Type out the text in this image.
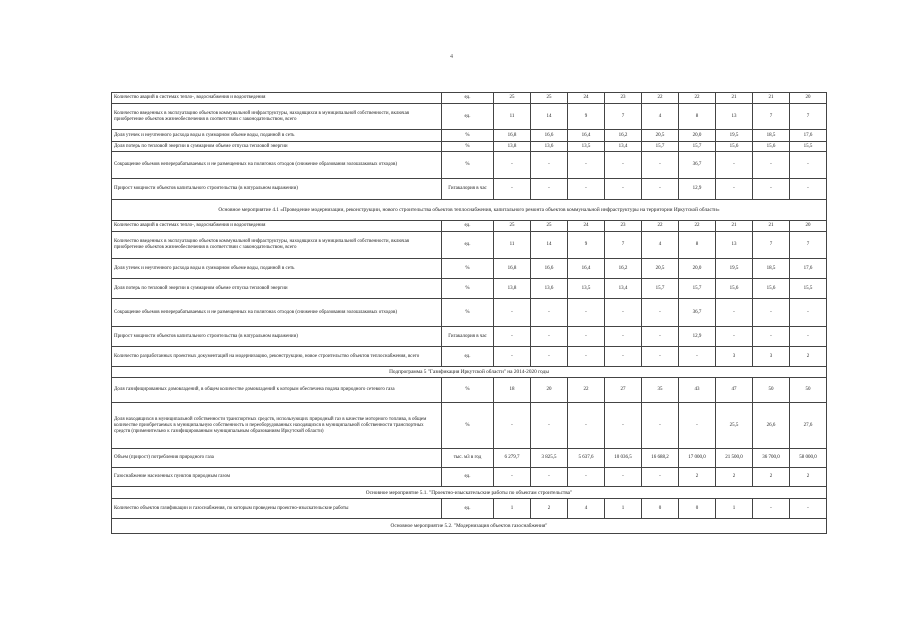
4
Количество аварий в системах тепло-, водоснабжения и водоотведения	ед.	25	25	24	23	22	22	21	21	20
Количество введенных в эксплуатацию объектов коммунальной инфраструктуры, находящихся в муниципальной собственности, включая приобретение объектов жизнеобеспечения в соответствии с законодательством, всего	ед.	11	14	9	7	4	8	13	7	7
Доля утечек и неучтенного расхода воды в суммарном объеме воды, поданной в сеть	%	16,8	16,6	16,4	16,2	20,5	20,0	19,5	18,5	17,6
Доля потерь по тепловой энергии в суммарном объеме отпуска тепловой энергии	%	13,8	13,6	13,5	13,4	15,7	15,7	15,6	15,6	15,5
Сокращение объемов неперерабатываемых и не размещенных на полигонах отходов (снижение образования золошлаковых отходов)	%	-	-	-	-	-	36,7	-	-	-
Прирост мощности объектов капитального строительства (в натуральном выражении)	Гигакалория в час	-	-	-	-	-	12,9	-	-	-
Основное мероприятие 4.1 «Проведение модернизации, реконструкции, нового строительства объектов теплоснабжения, капитального ремонта объектов коммунальной инфраструктуры на территории Иркутской области»										
Количество аварий в системах тепло-, водоснабжения и водоотведения	ед.	25	25	24	23	22	22	21	21	20
Количество введенных в эксплуатацию объектов коммунальной инфраструктуры, находящихся в муниципальной собственности, включая приобретение объектов жизнеобеспечения в соответствии с законодательством, всего	ед.	11	14	9	7	4	8	13	7	7
Доля утечек и неучтенного расхода воды в суммарном объеме воды, поданной в сеть	%	16,8	16,6	16,4	16,2	20,5	20,0	19,5	18,5	17,6
Доля потерь по тепловой энергии в суммарном объеме отпуска тепловой энергии	%	13,8	13,6	13,5	13,4	15,7	15,7	15,6	15,6	15,5
Сокращение объемов неперерабатываемых и не размещенных на полигонах отходов (снижение образования золошлаковых отходов)	%	-	-	-	-	-	36,7	-	-	-
Прирост мощности объектов капитального строительства (в натуральном выражении)	Гигакалория в час	-	-	-	-	-	12,9	-	-	-
Количество разработанных проектных документаций на модернизацию, реконструкцию, новое строительство объектов теплоснабжения, всего	ед.	-	-	-	-	-	-	3	3	2
Подпрограмма 5 "Газификация Иркутской области" на 2014-2020 годы										
Доля газифицированных домовладений, в общем количестве домовладений к которым обеспечена подача природного сетевого газа	%	18	20	22	27	35	43	47	50	50
Доля находящихся в муниципальной собственности транспортных средств, использующих природный газ в качестве моторного топлива, в общем количестве приобретаемых в муниципальную собственность и переоборудованных находящихся в муниципальной собственности транспортных средств (применительно к газифицированным муниципальным образованиям Иркутской области)	%	-	-	-	-	-	-	25,5	26,6	27,6
Объем (прирост) потребления природного газа	тыс. м3 в год	6 279,7	3 825,5	5 637,6	10 036,5	16 688,2	17 000,0	21 500,0	36 700,0	58 000,0
Газоснабжение населенных пунктов природным газом	ед.	-	-	-	-	-	2	2	2	2
Основное мероприятие 5.1. "Проектно-изыскательские работы по объектам строительства"										
Количество объектов газификации и газоснабжения, по которым проведены проектно-изыскательские работы	ед.	1	2	4	1	0	0	1	-	-
Основное мероприятие 5.2. "Модернизация объектов газоснабжения"										
